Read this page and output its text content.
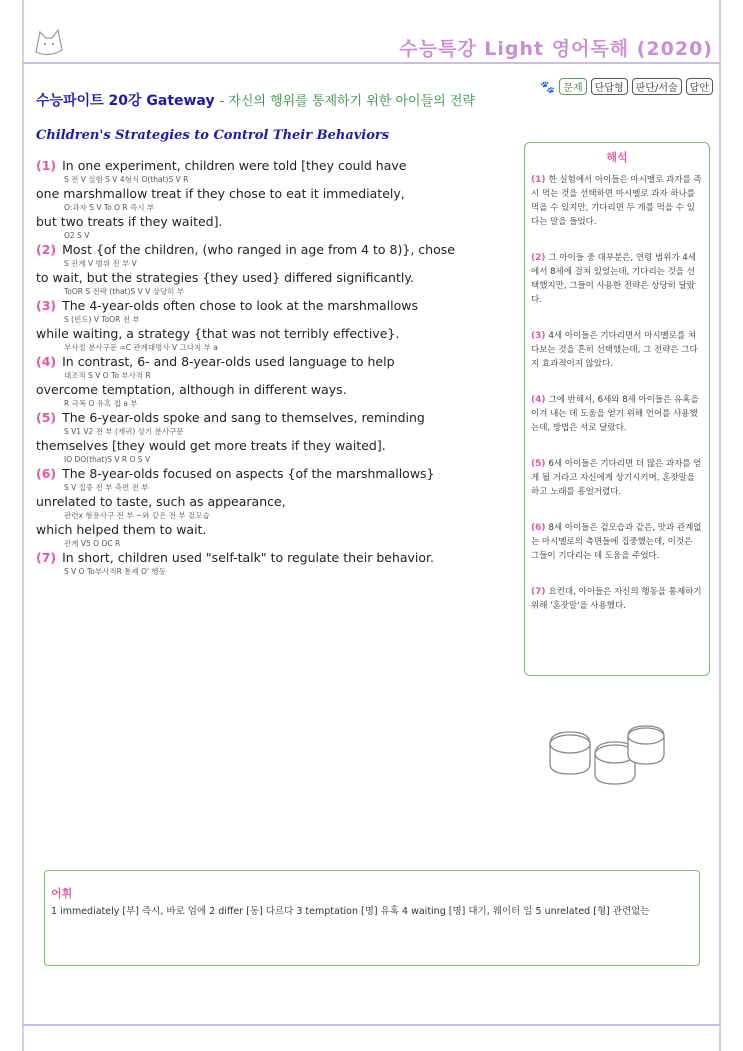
수능특강 Light 영어독해 (2020)
🐾 문제	단답형	판단/서술	답안
수능파이트 20강 Gateway - 자신의 행위를 통제하기 위한 아이들의 전략
Children's Strategies to Control Their Behaviors
(1) In one experiment, children were told [they could have
S 전 V 실험 S V 4형식 O(that)S V R
one marshmallow treat if they chose to eat it immediately,
O:과자 S V To O R 즉시 부
but two treats if they waited].
O2 S V
(2) Most {of the children, (who ranged in age from 4 to 8)}, chose
S 관계 V 범위 전 부 V
to wait, but the strategies {they used} differed significantly.
ToOR S 전략 (that)S V V 상당히 부
(3) The 4-year-olds often chose to look at the marshmallows
S (빈도) V ToOR 전 부
while waiting, a strategy {that was not terribly effective}.
부사절 분사구문 =C 관계대명사 V 그다지 부 a
(4) In contrast, 6- and 8-year-olds used language to help
대조적 S V O To 부사적 R
overcome temptation, although in different ways.
R 극복 O 유혹 접 a 부
(5) The 6-year-olds spoke and sang to themselves, reminding
S V1 V2 전 부 (재귀) 상기 분사구문
themselves [they would get more treats if they waited].
IO DO(that)S V R O S V
(6) The 8-year-olds focused on aspects {of the marshmallows}
S V 집중 전 부 측면 전 부
unrelated to taste, such as appearance,
관련x 형용사구 전 부 ~와 같은 전 부 겉모습
which helped them to wait.
관계 V5 O OC R
(7) In short, children used "self-talk" to regulate their behavior.
S V O To부사적R 통제 O' 행동
해석
(1) 한 실험에서 아이들은 마시멜로 과자를 즉시 먹는 것을 선택하면 마시멜로 과자 하나를 먹을 수 있지만, 기다리면 두 개를 먹을 수 있다는 말을 들었다.
(2) 그 아이들 중 대부분은, 연령 범위가 4세에서 8세에 걸쳐 있었는데, 기다리는 것을 선택했지만, 그들이 사용한 전략은 상당히 달랐다.
(3) 4세 아이들은 기다리면서 마시멜로를 쳐다보는 것을 흔히 선택했는데, 그 전략은 그다지 효과적이지 않았다.
(4) 그에 반해서, 6세와 8세 아이들은 유혹을 이겨 내는 데 도움을 얻기 위해 언어를 사용했는데, 방법은 서로 달랐다.
(5) 6세 아이들은 기다리면 더 많은 과자를 얻게 될 거라고 자신에게 상기시키며, 혼잣말을 하고 노래를 흥얼거렸다.
(6) 8세 아이들은 겉모습과 같은, 맛과 관계없는 마시멜로의 측면들에 집중했는데, 이것은 그들이 기다리는 데 도움을 주었다.
(7) 요컨대, 아이들은 자신의 행동을 통제하기 위해 '혼잣말'을 사용했다.
어휘
1 immediately [부] 즉시, 바로 엄에 2 differ [동] 다르다 3 temptation [명] 유혹 4 waiting [명] 대기, 웨이터 일 5 unrelated [형] 관련없는
